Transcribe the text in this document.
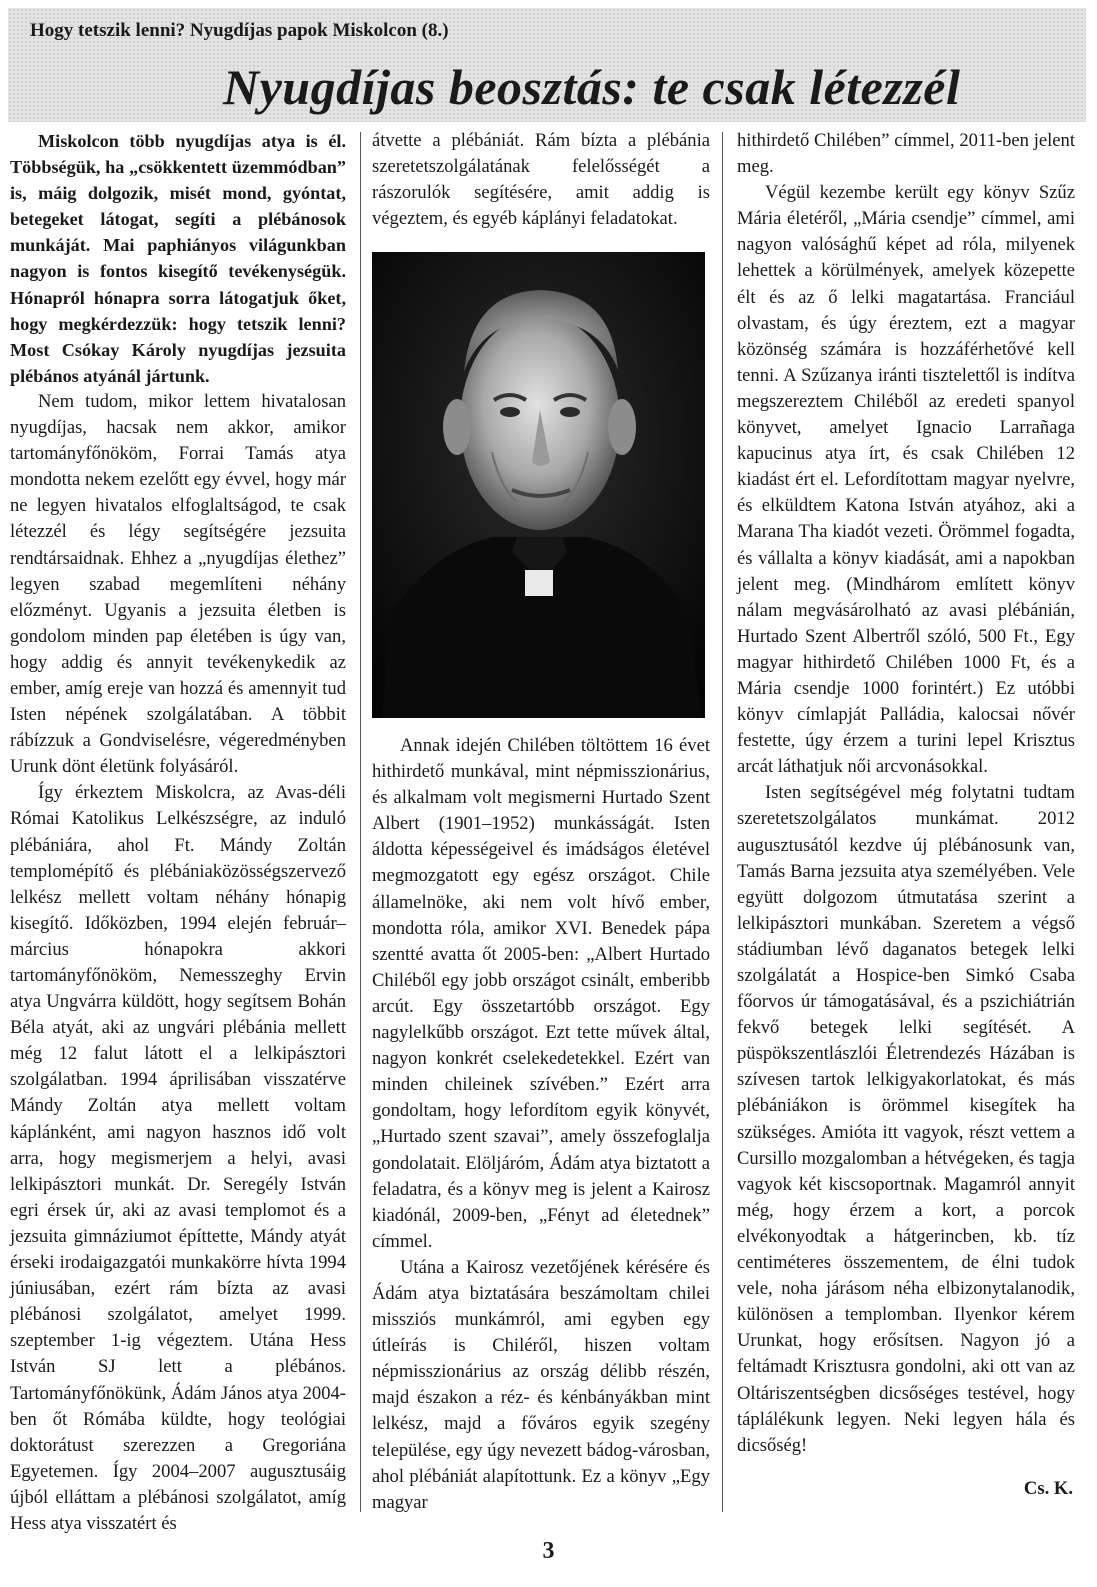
Hogy tetszik lenni? Nyugdíjas papok Miskolcon (8.)
Nyugdíjas beosztás: te csak létezzél

Miskolcon több nyugdíjas atya is él. Többségük, ha „csökkentett üzemmódban” is, máig dolgozik, misét mond, gyóntat, betegeket látogat, segíti a plébánosok munkáját. Mai paphiányos világunkban nagyon is fontos kisegítő tevékenységük. Hónapról hónapra sorra látogatjuk őket, hogy megkérdezzük: hogy tetszik lenni? Most Csókay Károly nyugdíjas jezsuita plébános atyánál jártunk.

Nem tudom, mikor lettem hivatalosan nyugdíjas, hacsak nem akkor, amikor tartományfőnököm, Forrai Tamás atya mondotta nekem ezelőtt egy évvel, hogy már ne legyen hivatalos elfoglaltságod, te csak létezzél és légy segítségére jezsuita rendtársaidnak. Ehhez a „nyugdíjas élethez” legyen szabad megemlíteni néhány előzményt. Ugyanis a jezsuita életben is gondolom minden pap életében is úgy van, hogy addig és annyit tevékenykedik az ember, amíg ereje van hozzá és amennyit tud Isten népének szolgálatában. A többit rábízzuk a Gondviselésre, végeredményben Urunk dönt életünk folyásáról.

Így érkeztem Miskolcra, az Avas-déli Római Katolikus Lelkészségre, az induló plébániára, ahol Ft. Mándy Zoltán templomépítő és plébániaközösségszervező lelkész mellett voltam néhány hónapig kisegítő. Időközben, 1994 elején február–március hónapokra akkori tartományfőnököm, Nemesszeghy Ervin atya Ungvárra küldött, hogy segítsem Bohán Béla atyát, aki az ungvári plébánia mellett még 12 falut látott el a lelkipásztori szolgálatban. 1994 áprilisában visszatérve Mándy Zoltán atya mellett voltam káplánként, ami nagyon hasznos idő volt arra, hogy megismerjem a helyi, avasi lelkipásztori munkát. Dr. Seregély István egri érsek úr, aki az avasi templomot és a jezsuita gimnáziumot építtette, Mándy atyát érseki irodaigazgatói munkakörre hívta 1994 júniusában, ezért rám bízta az avasi plébánosi szolgálatot, amelyet 1999. szeptember 1-ig végeztem. Utána Hess István SJ lett a plébános. Tartományfőnökünk, Ádám János atya 2004-ben őt Rómába küldte, hogy teológiai doktorátust szerezzen a Gregoriána Egyetemen. Így 2004–2007 augusztusáig újból elláttam a plébánosi szolgálatot, amíg Hess atya visszatért és

átvette a plébániát. Rám bízta a plébánia szeretetszolgálatának felelősségét a rászorulók segítésére, amit addig is végeztem, és egyéb káplányi feladatokat.

Annak idején Chilében töltöttem 16 évet hithirdető munkával, mint népmisszionárius, és alkalmam volt megismerni Hurtado Szent Albert (1901–1952) munkásságát. Isten áldotta képességeivel és imádságos életével megmozgatott egy egész országot. Chile államelnöke, aki nem volt hívő ember, mondotta róla, amikor XVI. Benedek pápa szentté avatta őt 2005-ben: „Albert Hurtado Chiléből egy jobb országot csinált, emberibb arcút. Egy összetartóbb országot. Egy nagylelkűbb országot. Ezt tette művek által, nagyon konkrét cselekedetekkel. Ezért van minden chileinek szívében.” Ezért arra gondoltam, hogy lefordítom egyik könyvét, „Hurtado szent szavai”, amely összefoglalja gondolatait. Elöljáróm, Ádám atya biztatott a feladatra, és a könyv meg is jelent a Kairosz kiadónál, 2009-ben, „Fényt ad életednek” címmel.

Utána a Kairosz vezetőjének kérésére és Ádám atya biztatására beszámoltam chilei missziós munkámról, ami egyben egy útleírás is Chiléről, hiszen voltam népmisszionárius az ország délibb részén, majd északon a réz- és kénbányákban mint lelkész, majd a főváros egyik szegény települése, egy úgy nevezett bádog-városban, ahol plébániát alapítottunk. Ez a könyv „Egy magyar

hithirdető Chilében” címmel, 2011-ben jelent meg.

Végül kezembe került egy könyv Szűz Mária életéről, „Mária csendje” címmel, ami nagyon valósághű képet ad róla, milyenek lehettek a körülmények, amelyek közepette élt és az ő lelki magatartása. Franciául olvastam, és úgy éreztem, ezt a magyar közönség számára is hozzáférhetővé kell tenni. A Szűzanya iránti tisztelettől is indítva megszereztem Chiléből az eredeti spanyol könyvet, amelyet Ignacio Larrañaga kapucinus atya írt, és csak Chilében 12 kiadást ért el. Lefordítottam magyar nyelvre, és elküldtem Katona István atyához, aki a Marana Tha kiadót vezeti. Örömmel fogadta, és vállalta a könyv kiadását, ami a napokban jelent meg. (Mindhárom említett könyv nálam megvásárolható az avasi plébánián, Hurtado Szent Albertről szóló, 500 Ft., Egy magyar hithirdető Chilében 1000 Ft, és a Mária csendje 1000 forintért.) Ez utóbbi könyv címlapját Palládia, kalocsai nővér festette, úgy érzem a turini lepel Krisztus arcát láthatjuk női arcvonásokkal.

Isten segítségével még folytatni tudtam szeretetszolgálatos munkámat. 2012 augusztusától kezdve új plébánosunk van, Tamás Barna jezsuita atya személyében. Vele együtt dolgozom útmutatása szerint a lelkipásztori munkában. Szeretem a végső stádiumban lévő daganatos betegek lelki szolgálatát a Hospice-ben Simkó Csaba főorvos úr támogatásával, és a pszichiátrián fekvő betegek lelki segítését. A püspökszentlászlói Életrendezés Házában is szívesen tartok lelkigyakorlatokat, és más plébániákon is örömmel kisegítek ha szükséges. Amióta itt vagyok, részt vettem a Cursillo mozgalomban a hétvégeken, és tagja vagyok két kiscsoportnak. Magamról annyit még, hogy érzem a kort, a porcok elvékonyodtak a hátgerincben, kb. tíz centiméteres összementem, de élni tudok vele, noha járásom néha elbizonytalanodik, különösen a templomban. Ilyenkor kérem Urunkat, hogy erősítsen. Nagyon jó a feltámadt Krisztusra gondolni, aki ott van az Oltáriszentségben dicsőséges testével, hogy táplálékunk legyen. Neki legyen hála és dicsőség!

Cs. K.
3
